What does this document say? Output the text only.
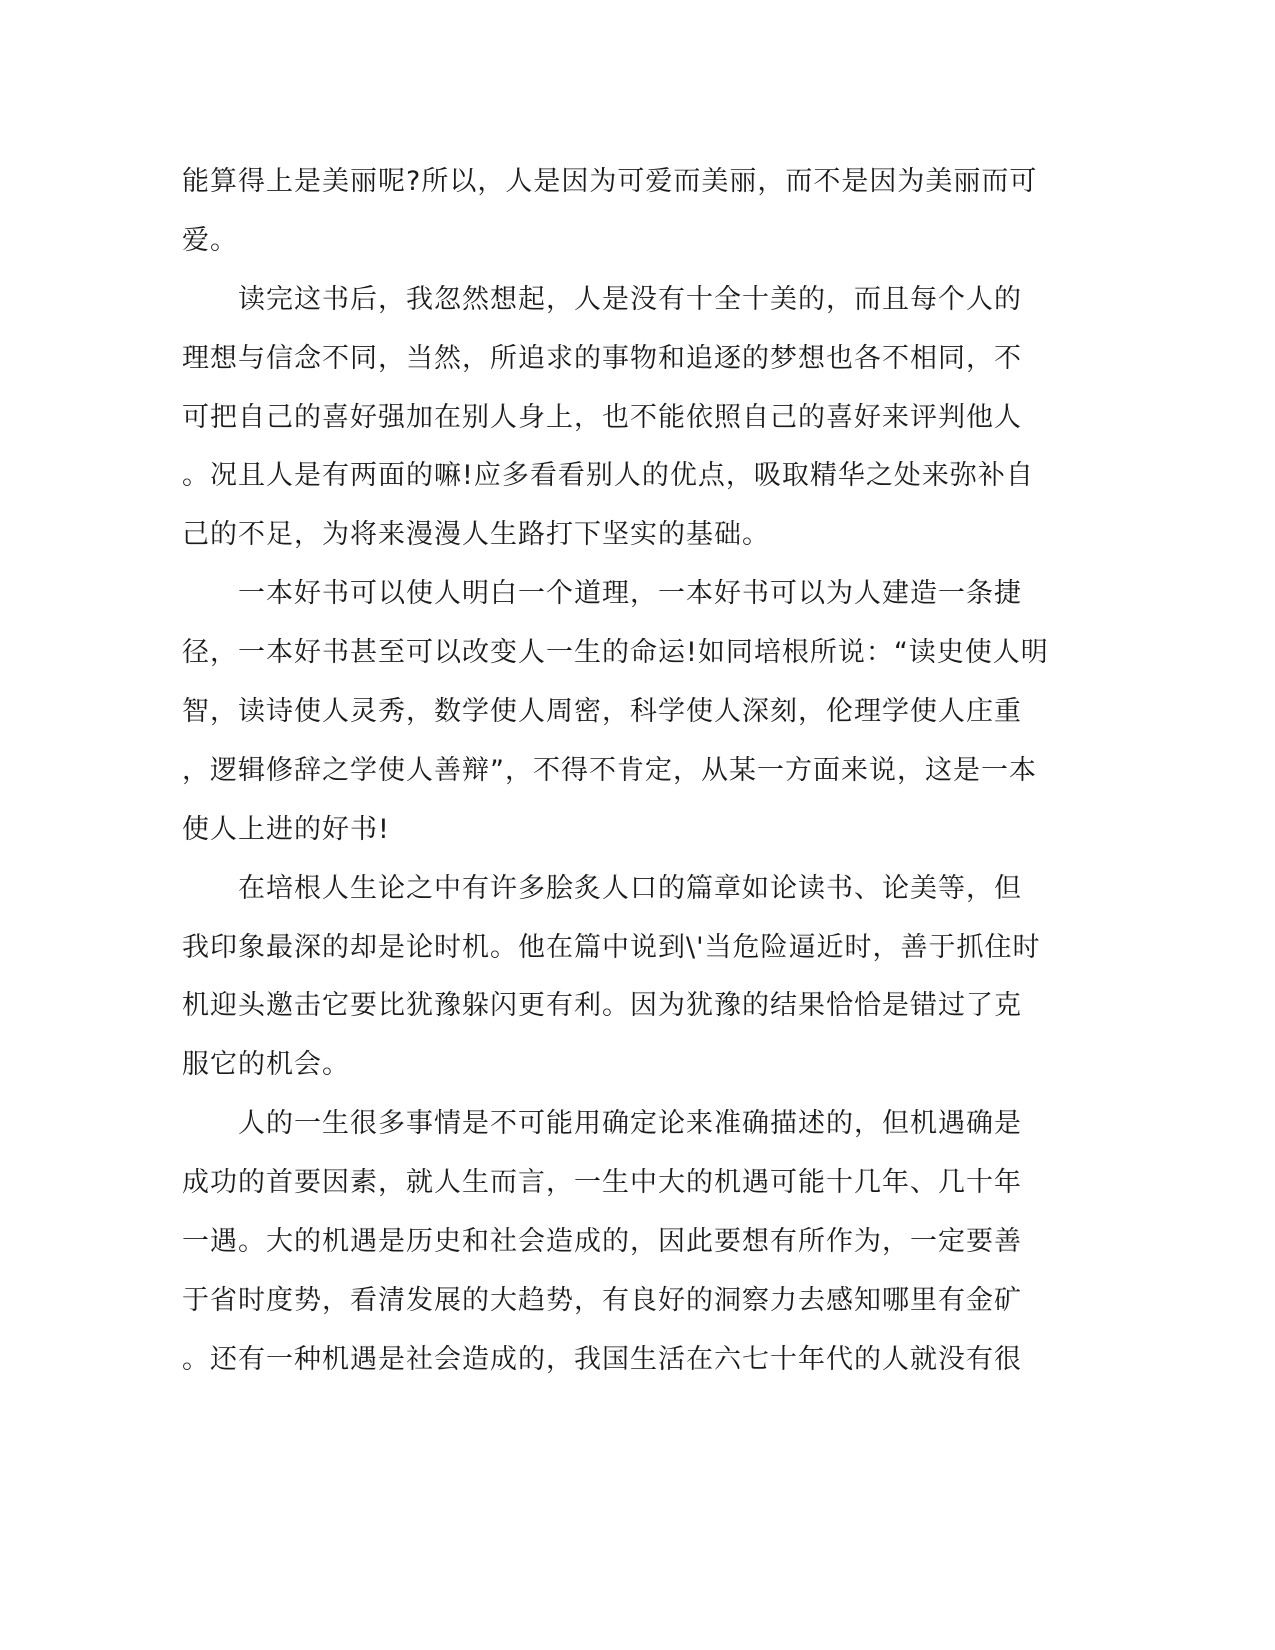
能算得上是美丽呢?所以，人是因为可爱而美丽，而不是因为美丽而可
爱。
　　读完这书后，我忽然想起，人是没有十全十美的，而且每个人的
理想与信念不同，当然，所追求的事物和追逐的梦想也各不相同，不
可把自己的喜好强加在别人身上，也不能依照自己的喜好来评判他人
。况且人是有两面的嘛!应多看看别人的优点，吸取精华之处来弥补自
己的不足，为将来漫漫人生路打下坚实的基础。
　　一本好书可以使人明白一个道理，一本好书可以为人建造一条捷
径，一本好书甚至可以改变人一生的命运!如同培根所说：“读史使人明
智，读诗使人灵秀，数学使人周密，科学使人深刻，伦理学使人庄重
，逻辑修辞之学使人善辩”，不得不肯定，从某一方面来说，这是一本
使人上进的好书!
　　在培根人生论之中有许多脍炙人口的篇章如论读书、论美等，但
我印象最深的却是论时机。他在篇中说到\'当危险逼近时，善于抓住时
机迎头邀击它要比犹豫躲闪更有利。因为犹豫的结果恰恰是错过了克
服它的机会。
　　人的一生很多事情是不可能用确定论来准确描述的，但机遇确是
成功的首要因素，就人生而言，一生中大的机遇可能十几年、几十年
一遇。大的机遇是历史和社会造成的，因此要想有所作为，一定要善
于省时度势，看清发展的大趋势，有良好的洞察力去感知哪里有金矿
。还有一种机遇是社会造成的，我国生活在六七十年代的人就没有很
